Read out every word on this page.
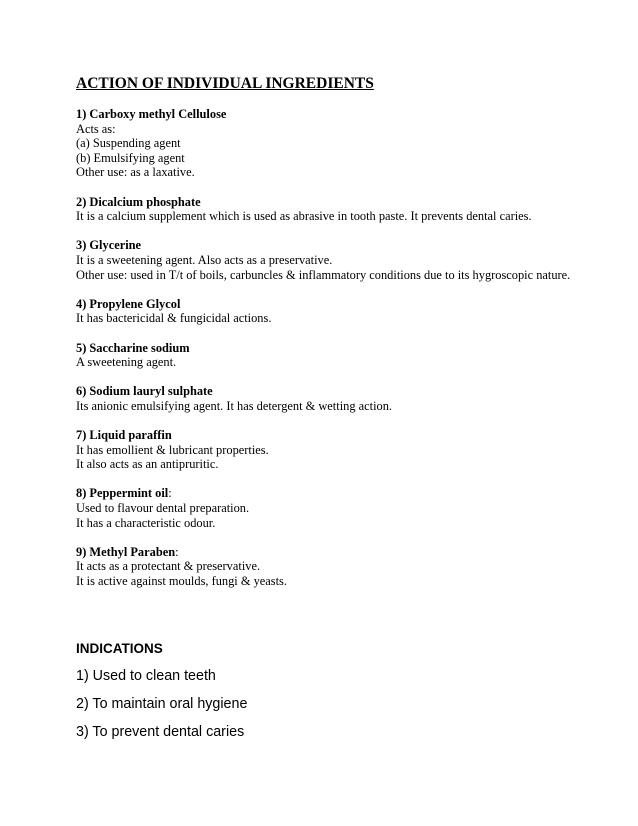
ACTION OF INDIVIDUAL INGREDIENTS
1) Carboxy methyl Cellulose
Acts as:
(a) Suspending agent
(b) Emulsifying agent
Other use: as a laxative.
2) Dicalcium phosphate
It is a calcium supplement which is used as abrasive in tooth paste. It prevents dental caries.
3) Glycerine
It is a sweetening agent. Also acts as a preservative.
Other use: used in T/t of boils, carbuncles & inflammatory conditions due to its hygroscopic nature.
4) Propylene Glycol
It has bactericidal & fungicidal actions.
5) Saccharine sodium
A sweetening agent.
6) Sodium lauryl sulphate
Its anionic emulsifying agent. It has detergent & wetting action.
7) Liquid paraffin
It has emollient & lubricant properties.
It also acts as an antipruritic.
8) Peppermint oil:
Used to flavour dental preparation.
It has a characteristic odour.
9) Methyl Paraben:
It acts as a protectant & preservative.
It is active against moulds, fungi & yeasts.
INDICATIONS
1) Used to clean teeth
2) To maintain oral hygiene
3) To prevent dental caries
